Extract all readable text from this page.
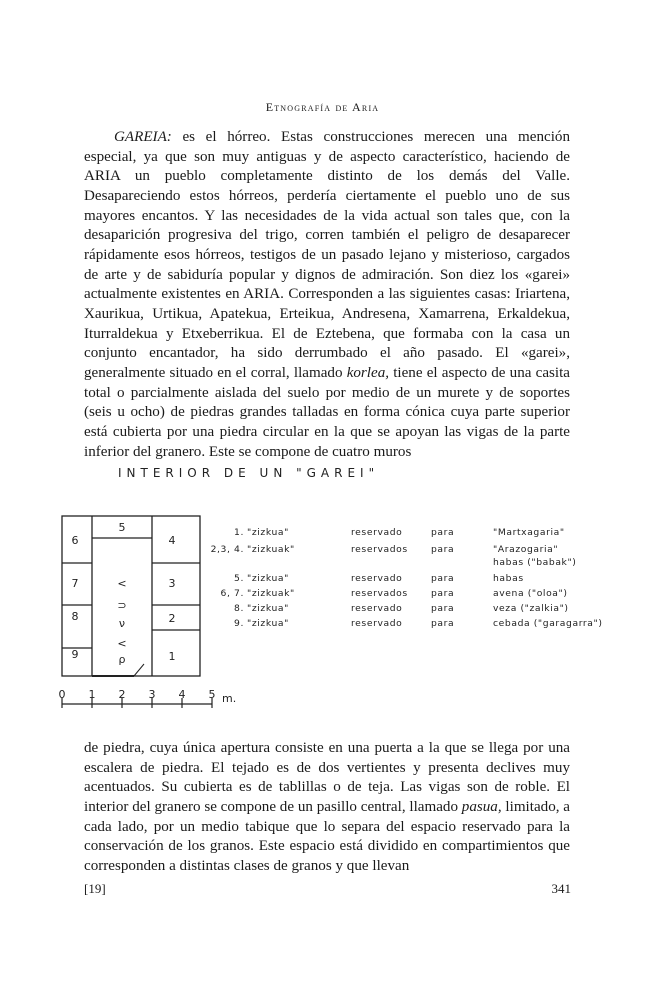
Etnografía de Aria

GAREIA: es el hórreo. Estas construcciones merecen una mención especial, ya que son muy antiguas y de aspecto característico, haciendo de ARIA un pueblo completamente distinto de los demás del Valle. Desapareciendo estos hórreos, perdería ciertamente el pueblo uno de sus mayores encantos. Y las necesidades de la vida actual son tales que, con la desaparición progresiva del trigo, corren también el peligro de desaparecer rápidamente esos hórreos, testigos de un pasado lejano y misterioso, cargados de arte y de sabiduría popular y dignos de admiración. Son diez los «garei» actualmente existentes en ARIA. Corresponden a las siguientes casas: Iriartena, Xaurikua, Urtikua, Apatekua, Erteikua, Andresena, Xamarrena, Erkaldekua, Iturraldekua y Etxeberrikua. El de Eztebena, que formaba con la casa un conjunto encantador, ha sido derrumbado el año pasado. El «garei», generalmente situado en el corral, llamado korlea, tiene el aspecto de una casita total o parcialmente aislada del suelo por medio de un murete y de soportes (seis u ocho) de piedras grandes talladas en forma cónica cuya parte superior está cubierta por una piedra circular en la que se apoyan las vigas de la parte inferior del granero. Este se compone de cuatro muros

INTERIOR DE UN "GAREI"
5
6	4
7	3
8	2
9	1
<
⊃
ν
<
ρ
0 1 2 3 4 5 m.
1. "zizkua"	reservado	para	"Martxagaria"
2,3, 4. "zizkuak"	reservados	para	"Arazogaria"
habas ("babak")
5. "zizkua"	reservado	para	habas
6, 7. "zizkuak"	reservados	para	avena ("oloa")
8. "zizkua"	reservado	para	veza ("zalkia")
9. "zizkua"	reservado	para	cebada ("garagarra")

de piedra, cuya única apertura consiste en una puerta a la que se llega por una escalera de piedra. El tejado es de dos vertientes y presenta declives muy acentuados. Su cubierta es de tablillas o de teja. Las vigas son de roble. El interior del granero se compone de un pasillo central, llamado pasua, limitado, a cada lado, por un medio tabique que lo separa del espacio reservado para la conservación de los granos. Este espacio está dividido en compartimientos que corresponden a distintas clases de granos y que llevan

[19]	341
